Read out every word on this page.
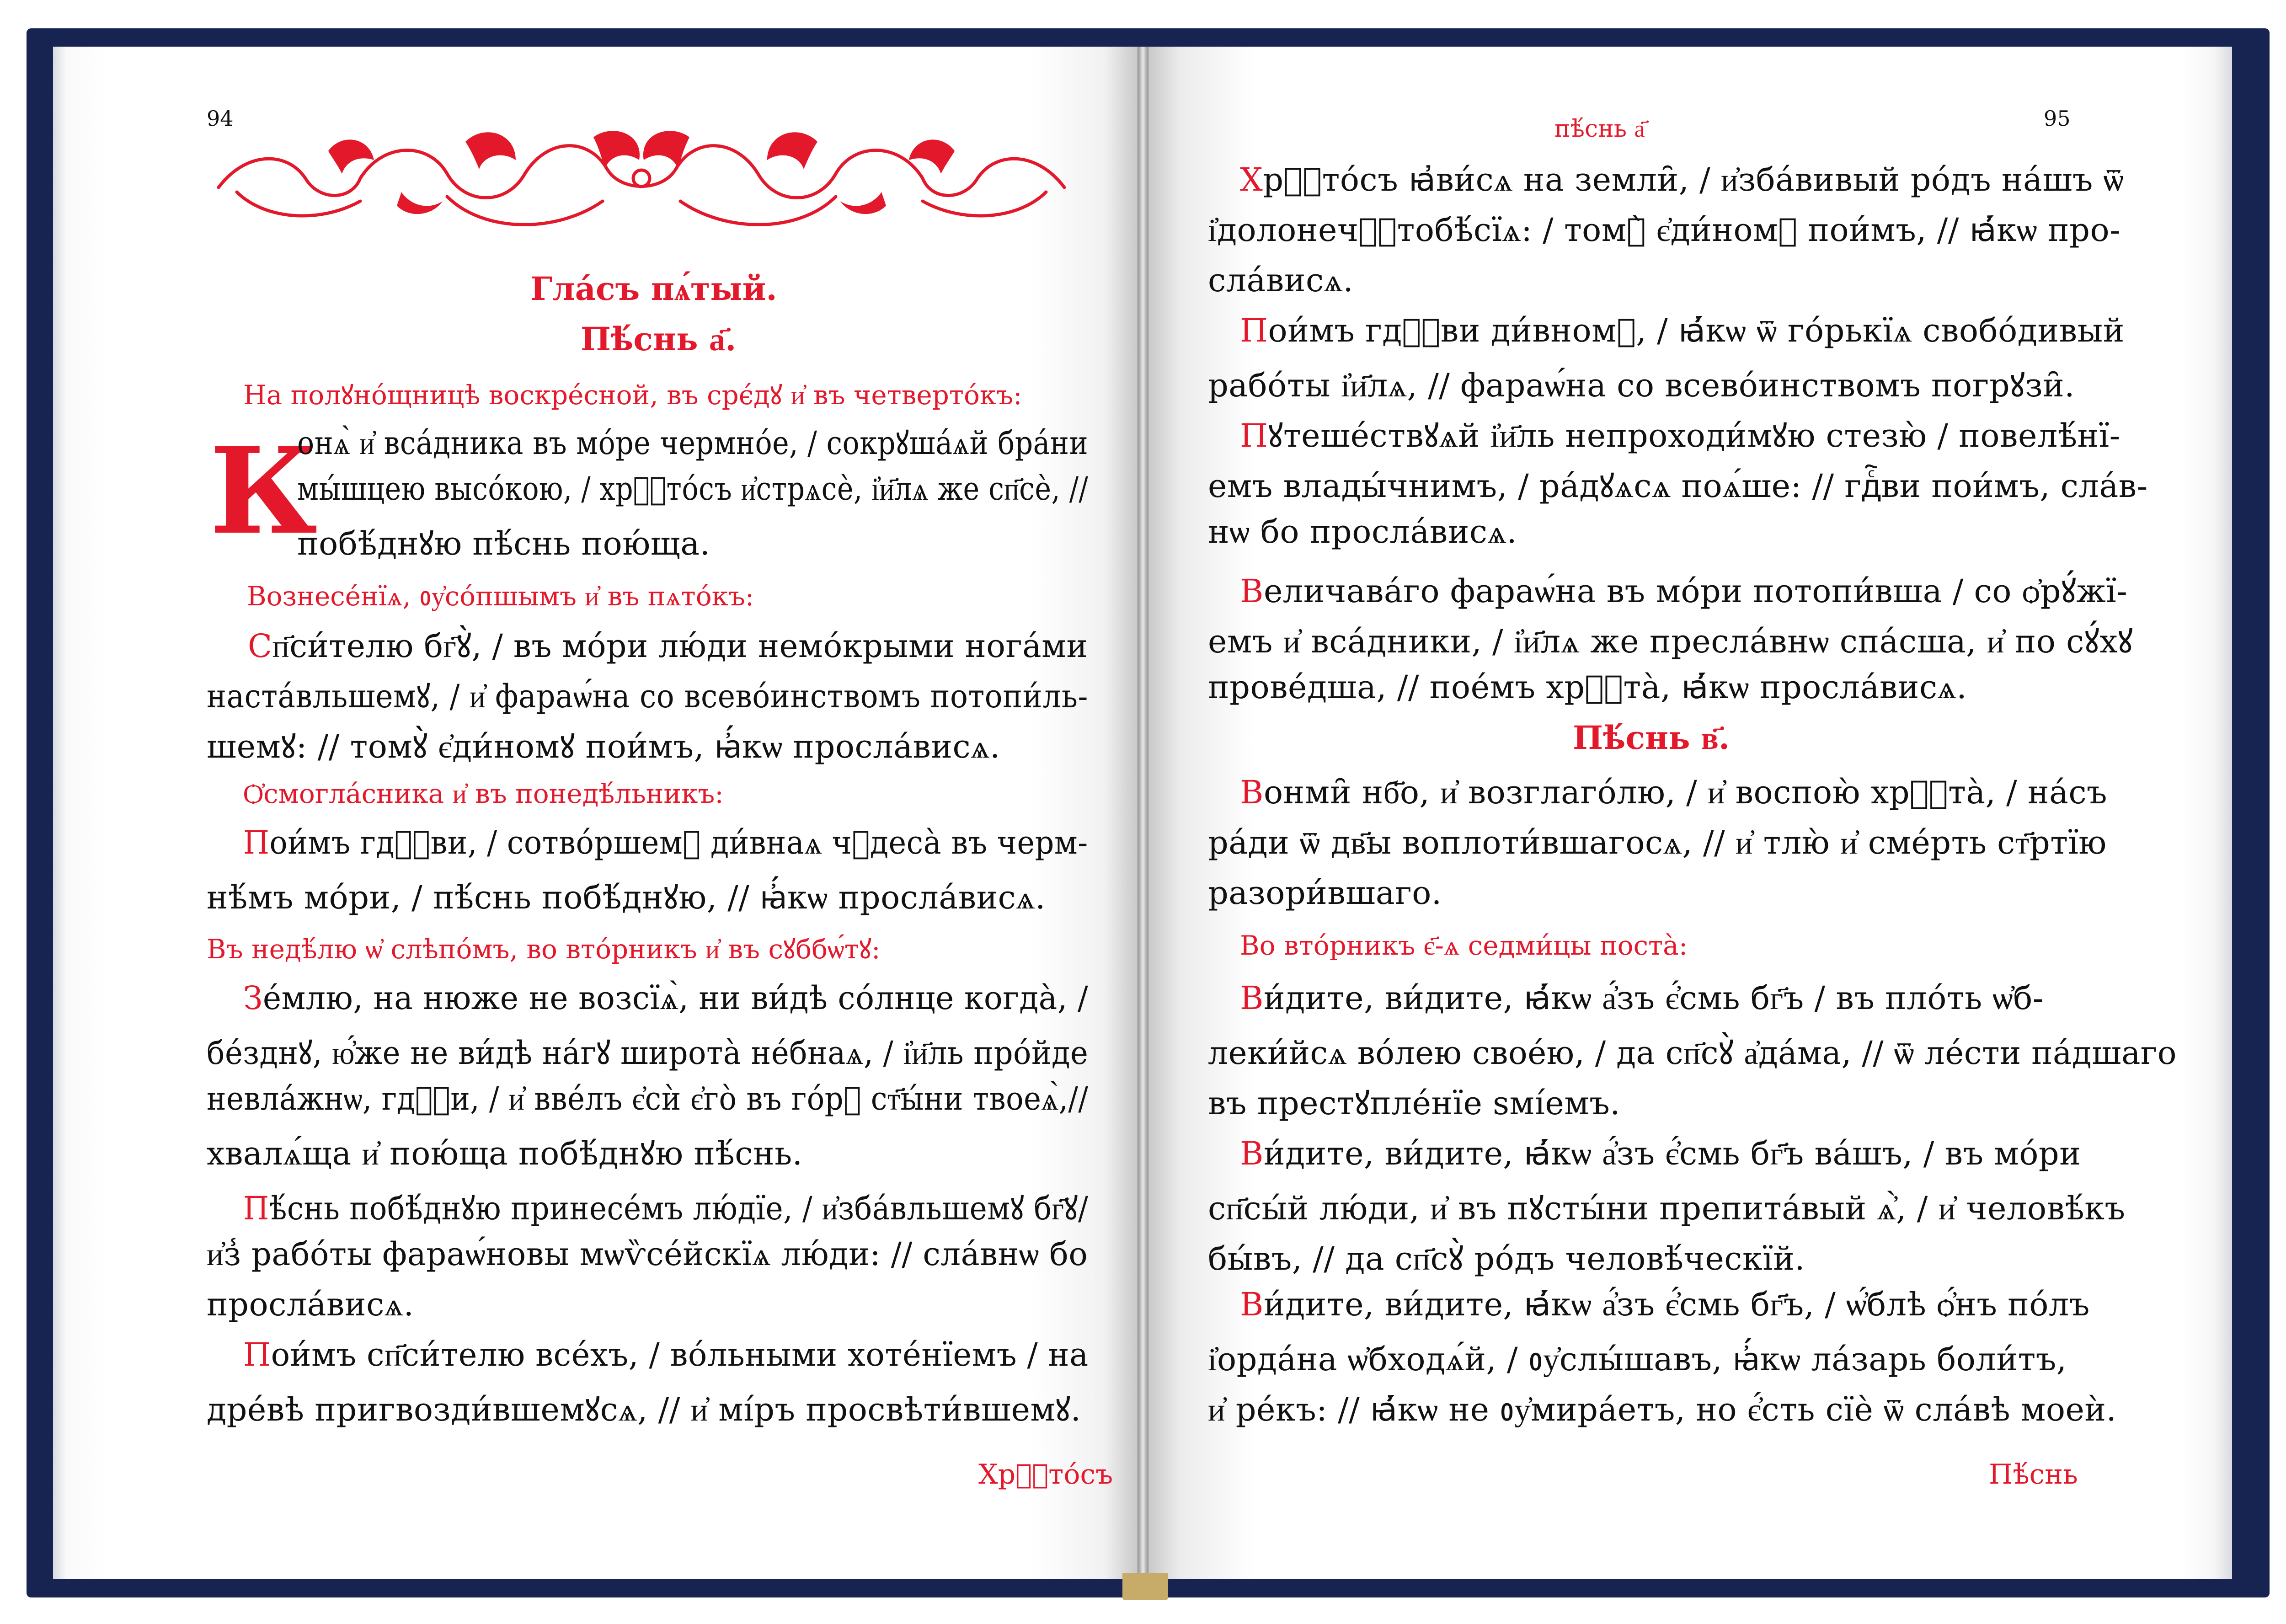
94
Гла́съ пѧ́тый.
Пѣ́снь а҃.
На полꙋно́щницѣ воскре́сной, въ срє́дꙋ и҆ въ четверто́къ:
К
онѧ̀ и҆ вса́дника въ мо́ре чермно́е, / сокрꙋша́ѧй бра́ни
мы́шцею высо́кою, / хрⷭ҇то́съ и҆стрѧсѐ, і҆и҃лѧ же сп҃сѐ, //
побѣ́днꙋю пѣ́снь пою́ща.
Вознесе́нїѧ, ᲂу҆со́пшымъ и҆ въ пѧто́къ:
Сп҃си́телю бг҃ꙋ̀, / въ мо́ри лю́ди немо́крыми нога́ми
наста́вльшемꙋ, / и҆ фараѡ́на со всево́инствомъ потопи́ль-
шемꙋ: // томꙋ̀ є҆ди́номꙋ пои́мъ, ꙗ҆́кѡ просла́висѧ.
Ѻ҆смогла́сника и҆ въ понедѣ́льникъ:
Пои́мъ гдⷭ҇ви, / сотво́ршемꙋ ди́внаѧ чꙋдеса̀ въ черм-
нѣ́мъ мо́ри, / пѣ́снь побѣ́днꙋю, // ꙗ҆́кѡ просла́висѧ.
Въ недѣ́лю ѡ҆ слѣпо́мъ, во вто́рникъ и҆ въ сꙋббѡ́тꙋ:
Зе́млю, на нюже не возсїѧ̀, ни ви́дѣ со́лнце когда̀, /
бе́зднꙋ, ю҆́же не ви́дѣ на́гꙋ широта̀ не́бнаѧ, / і҆и҃ль про́йде
невла́жнѡ, гдⷭ҇и, / и҆ вве́лъ є҆сѝ є҆го̀ въ го́рꙋ ст҃ы́ни твоеѧ̀,//
хвалѧ́ща и҆ пою́ща побѣ́днꙋю пѣ́снь.
Пѣ́снь побѣ́днꙋю принесе́мъ лю́дїе, / и҆зба́вльшемꙋ бг҃ꙋ/
и҆з̾ рабо́ты фараѡ́новы мѡѷсе́йскїѧ лю́ди: // сла́внѡ бо
просла́висѧ.
Пои́мъ сп҃си́телю все́хъ, / во́льными хоте́нїемъ / на
дре́вѣ пригвозди́вшемꙋсѧ, // и҆ мі́ръ просвѣти́вшемꙋ.
Хрⷭ҇то́съ
пѣ́снь а҃	95
Хрⷭ҇то́съ ꙗ҆ви́сѧ на земли̑, / и҆зба́вивый ро́дъ на́шъ ѿ
і҆долонечⷭ҇тобѣ́сїѧ: / томꙋ̀ є҆ди́номꙋ пои́мъ, // ꙗ҆́кѡ про-
сла́висѧ.
Пои́мъ гдⷭ҇ви ди́вномꙋ, / ꙗ҆́кѡ ѿ го́рькїѧ свобо́дивый
рабо́ты і҆и҃лѧ, // фараѡ́на со всево́инствомъ погрꙋзи̑.
Пꙋтеше́ствꙋѧй і҆и҃ль непроходи́мꙋю стезю̀ / повелѣ́нї-
емъ влады́чнимъ, / ра́дꙋѧсѧ поѧ́ше: // гдⷭ҇ви пои́мъ, сла́в-
нѡ бо просла́висѧ.
Величава́го фараѡ́на въ мо́ри потопи́вша / со ѻ҆рꙋ́жї-
емъ и҆ вса́дники, / і҆и҃лѧ же пресла́внѡ спа́сша, и҆ по сꙋ́хꙋ
прове́дша, // пое́мъ хрⷭ҇та̀, ꙗ҆́кѡ просла́висѧ.
Пѣ́снь в҃.
Вонми̑ нб҃о, и҆ возглаго́лю, / и҆ воспою̀ хрⷭ҇та̀, / на́съ
ра́ди ѿ дв҃ы воплоти́вшагосѧ, // и҆ тлю̀ и҆ сме́рть ст҃ртїю
разори́вшаго.
Во вто́рникъ є҃-ѧ седми́цы поста̀:
Ви́дите, ви́дите, ꙗ҆́кѡ а҆́зъ є҆́смь бг҃ъ / въ пло́ть ѡ҆б-
леки́йсѧ во́лею свое́ю, / да сп҃сꙋ̀ а҆да́ма, // ѿ ле́сти па́дшаго
въ престꙋпле́нїе ѕмі́емъ.
Ви́дите, ви́дите, ꙗ҆́кѡ а҆́зъ є҆́смь бг҃ъ ва́шъ, / въ мо́ри
сп҃сы́й лю́ди, и҆ въ пꙋсты́ни препита́вый ѧ҆̀, / и҆ человѣ́къ
бы́въ, // да сп҃сꙋ̀ ро́дъ человѣ́ческїй.
Ви́дите, ви́дите, ꙗ҆́кѡ а҆́зъ є҆́смь бг҃ъ, / ѡ҆́блѣ ѻ҆́нъ по́лъ
і҆орда́на ѡ҆бходѧ́й, / ᲂу҆слы́шавъ, ꙗ҆́кѡ ла́зарь боли́тъ,
и҆ ре́къ: // ꙗ҆́кѡ не ᲂу҆мира́етъ, но є҆́сть сїѐ ѿ сла́вѣ моеѝ.
Пѣ́снь
